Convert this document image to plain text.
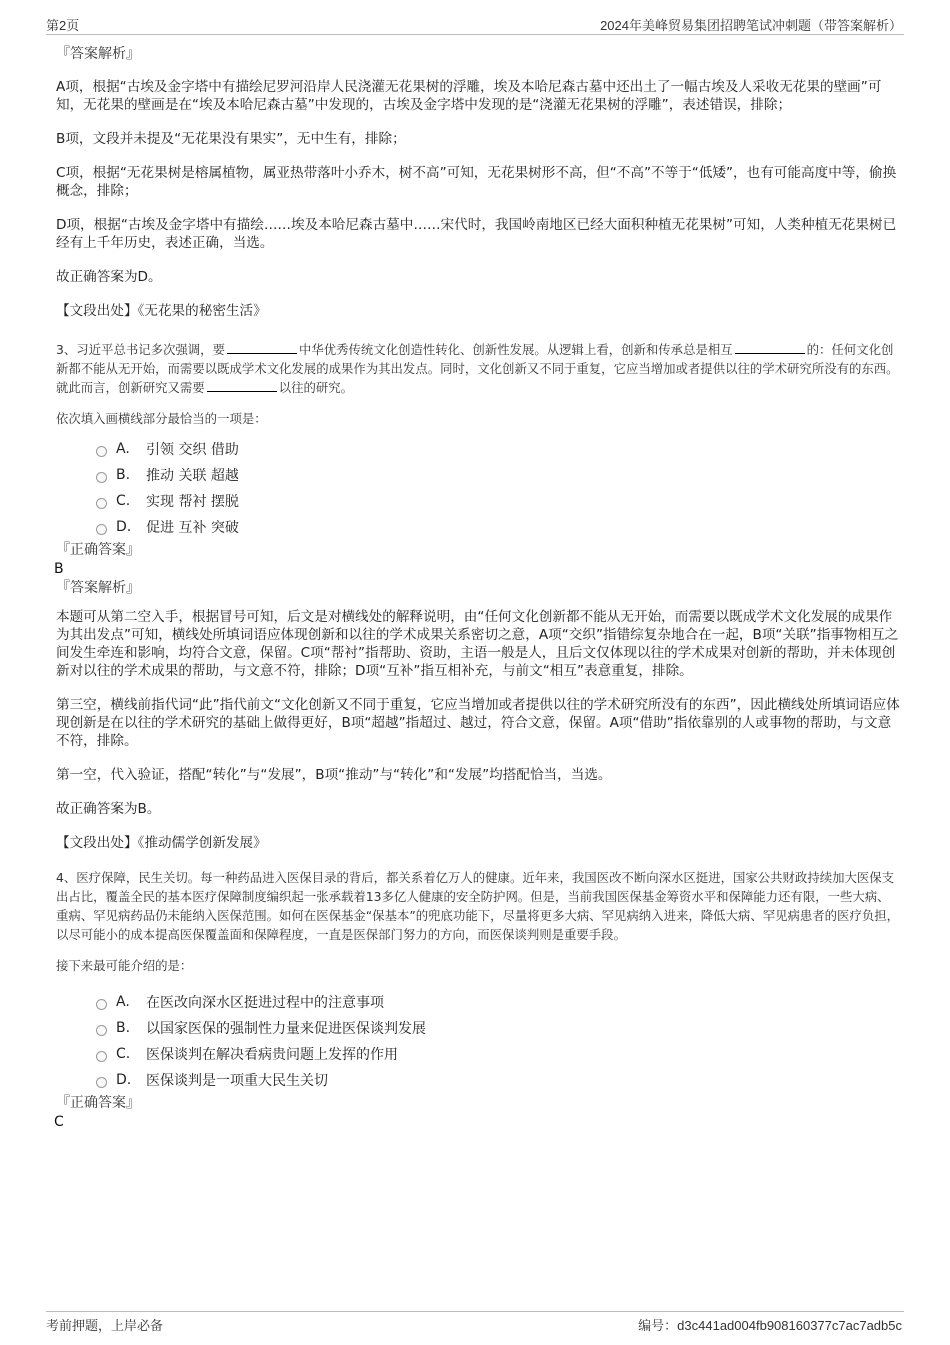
第2页	2024年美峰贸易集团招聘笔试冲刺题（带答案解析）

『答案解析』

A项，根据“古埃及金字塔中有描绘尼罗河沿岸人民浇灌无花果树的浮雕，埃及本哈尼森古墓中还出土了一幅古埃及人采收无花果的壁画”可知，无花果的壁画是在“埃及本哈尼森古墓”中发现的，古埃及金字塔中发现的是“浇灌无花果树的浮雕”，表述错误，排除；

B项，文段并未提及“无花果没有果实”，无中生有，排除；

C项，根据“无花果树是榕属植物，属亚热带落叶小乔木，树不高”可知，无花果树形不高，但“不高”不等于“低矮”，也有可能高度中等，偷换概念，排除；

D项，根据“古埃及金字塔中有描绘……埃及本哈尼森古墓中……宋代时，我国岭南地区已经大面积种植无花果树”可知，人类种植无花果树已经有上千年历史，表述正确，当选。

故正确答案为D。

【文段出处】《无花果的秘密生活》

3、习近平总书记多次强调，要	中华优秀传统文化创造性转化、创新性发展。从逻辑上看，创新和传承总是相互	的：任何文化创新都不能从无开始，而需要以既成学术文化发展的成果作为其出发点。同时，文化创新又不同于重复，它应当增加或者提供以往的学术研究所没有的东西。就此而言，创新研究又需要	以往的研究。

依次填入画横线部分最恰当的一项是：

A.	引领 交织 借助
B.	推动 关联 超越
C.	实现 帮衬 摆脱
D.	促进 互补 突破

『正确答案』

B

『答案解析』

本题可从第二空入手，根据冒号可知，后文是对横线处的解释说明，由“任何文化创新都不能从无开始，而需要以既成学术文化发展的成果作为其出发点”可知，横线处所填词语应体现创新和以往的学术成果关系密切之意，A项“交织”指错综复杂地合在一起，B项“关联”指事物相互之间发生牵连和影响，均符合文意，保留。C项“帮衬”指帮助、资助，主语一般是人，且后文仅体现以往的学术成果对创新的帮助，并未体现创新对以往的学术成果的帮助，与文意不符，排除；D项“互补”指互相补充，与前文“相互”表意重复，排除。

第三空，横线前指代词“此”指代前文“文化创新又不同于重复，它应当增加或者提供以往的学术研究所没有的东西”，因此横线处所填词语应体现创新是在以往的学术研究的基础上做得更好，B项“超越”指超过、越过，符合文意，保留。A项“借助”指依靠别的人或事物的帮助，与文意不符，排除。

第一空，代入验证，搭配“转化”与“发展”，B项“推动”与“转化”和“发展”均搭配恰当，当选。

故正确答案为B。

【文段出处】《推动儒学创新发展》

4、医疗保障，民生关切。每一种药品进入医保目录的背后，都关系着亿万人的健康。近年来，我国医改不断向深水区挺进，国家公共财政持续加大医保支出占比，覆盖全民的基本医疗保障制度编织起一张承载着13多亿人健康的安全防护网。但是，当前我国医保基金筹资水平和保障能力还有限，一些大病、重病、罕见病药品仍未能纳入医保范围。如何在医保基金“保基本”的兜底功能下，尽量将更多大病、罕见病纳入进来，降低大病、罕见病患者的医疗负担，以尽可能小的成本提高医保覆盖面和保障程度，一直是医保部门努力的方向，而医保谈判则是重要手段。

接下来最可能介绍的是：

A.	在医改向深水区挺进过程中的注意事项
B.	以国家医保的强制性力量来促进医保谈判发展
C.	医保谈判在解决看病贵问题上发挥的作用
D.	医保谈判是一项重大民生关切

『正确答案』

C

考前押题，上岸必备	编号：d3c441ad004fb908160377c7ac7adb5c
